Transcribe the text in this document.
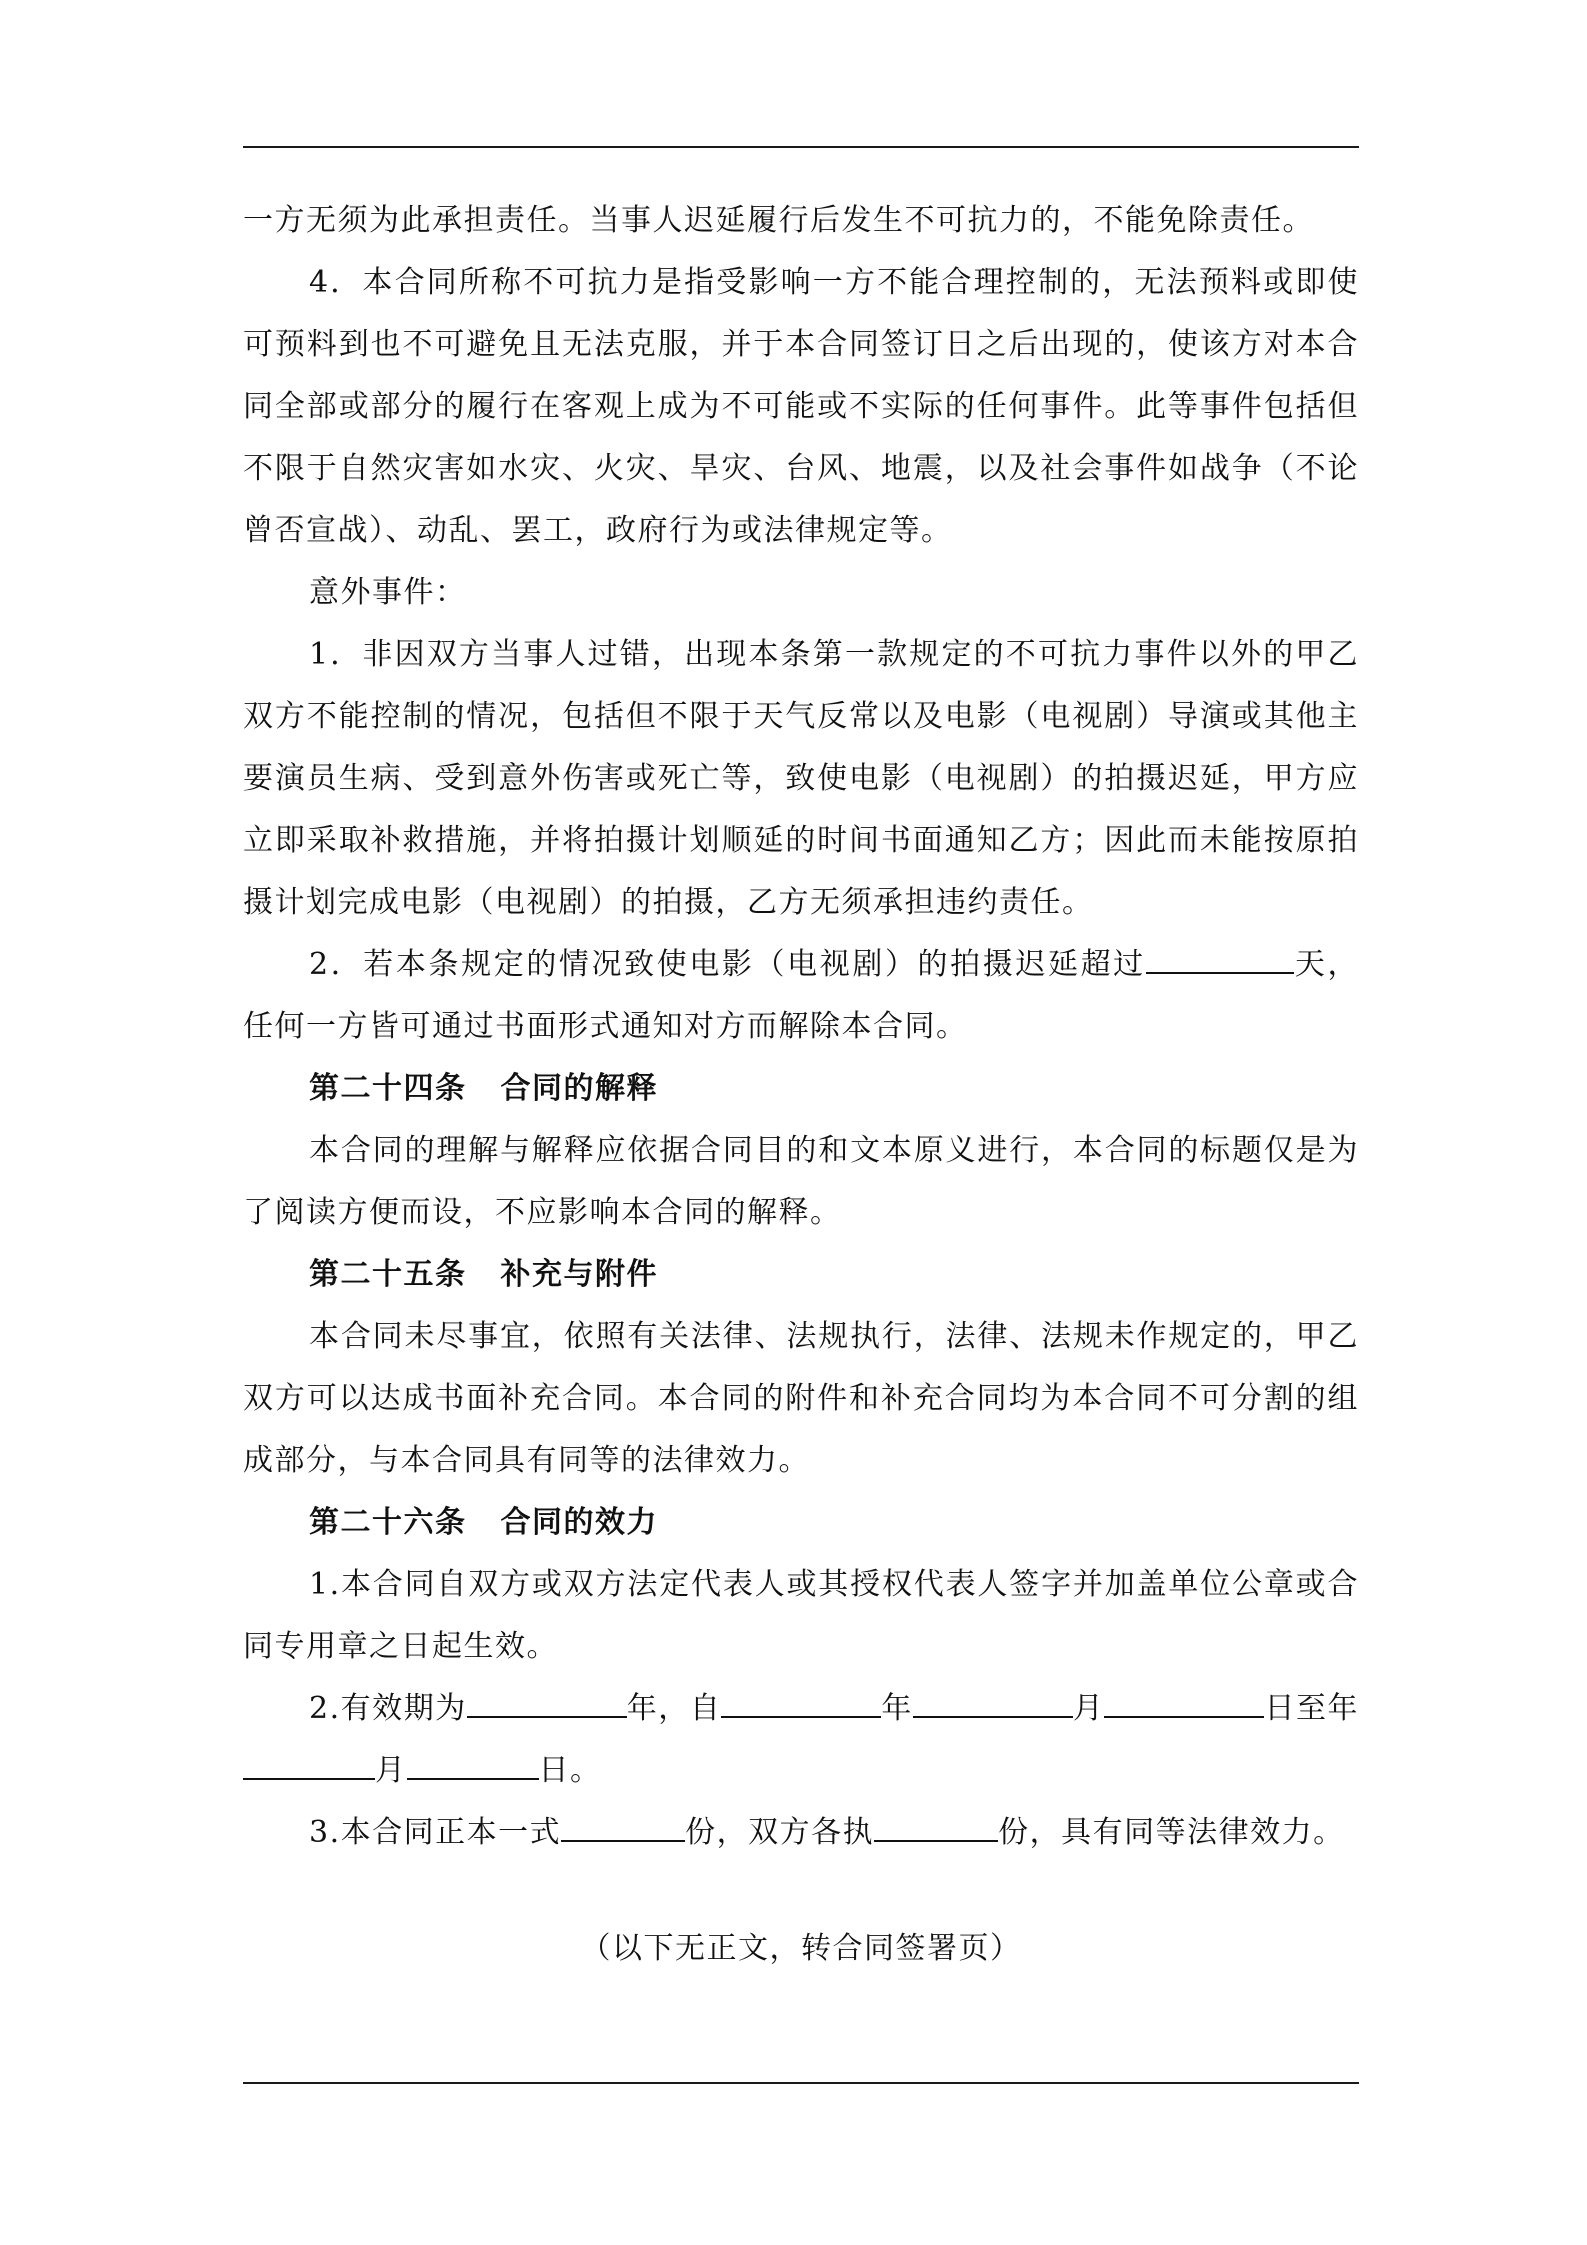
一方无须为此承担责任。当事人迟延履行后发生不可抗力的，不能免除责任。

4．本合同所称不可抗力是指受影响一方不能合理控制的，无法预料或即使可预料到也不可避免且无法克服，并于本合同签订日之后出现的，使该方对本合同全部或部分的履行在客观上成为不可能或不实际的任何事件。此等事件包括但不限于自然灾害如水灾、火灾、旱灾、台风、地震，以及社会事件如战争（不论曾否宣战）、动乱、罢工，政府行为或法律规定等。

意外事件：

1．非因双方当事人过错，出现本条第一款规定的不可抗力事件以外的甲乙双方不能控制的情况，包括但不限于天气反常以及电影（电视剧）导演或其他主要演员生病、受到意外伤害或死亡等，致使电影（电视剧）的拍摄迟延，甲方应立即采取补救措施，并将拍摄计划顺延的时间书面通知乙方；因此而未能按原拍摄计划完成电影（电视剧）的拍摄，乙方无须承担违约责任。

2．若本条规定的情况致使电影（电视剧）的拍摄迟延超过	天，任何一方皆可通过书面形式通知对方而解除本合同。

第二十四条 合同的解释

本合同的理解与解释应依据合同目的和文本原义进行，本合同的标题仅是为了阅读方便而设，不应影响本合同的解释。

第二十五条 补充与附件

本合同未尽事宜，依照有关法律、法规执行，法律、法规未作规定的，甲乙双方可以达成书面补充合同。本合同的附件和补充合同均为本合同不可分割的组成部分，与本合同具有同等的法律效力。

第二十六条 合同的效力

1.本合同自双方或双方法定代表人或其授权代表人签字并加盖单位公章或合同专用章之日起生效。

2.有效期为	年，自	年	月	日至年月	日。

3.本合同正本一式	份，双方各执	份，具有同等法律效力。

（以下无正文，转合同签署页）
